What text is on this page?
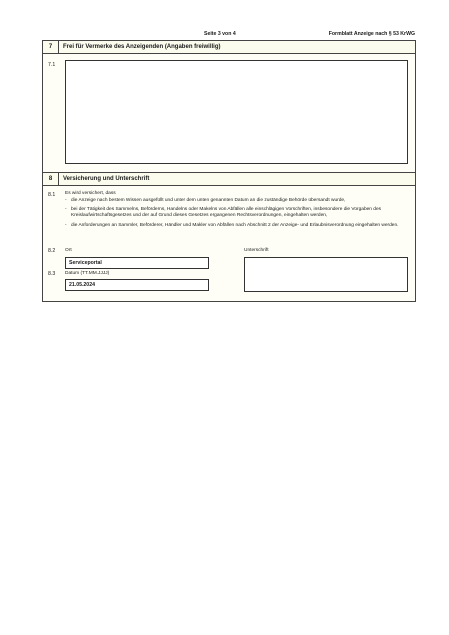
Seite 3 von 4	Formblatt Anzeige nach § 53 KrWG
7	Frei für Vermerke des Anzeigenden (Angaben freiwillig)
7.1
8	Versicherung und Unterschrift
8.1 Es wird versichert, dass
- die Anzeige nach bestem Wissen ausgefüllt und unter dem unten genannten Datum an die zuständige Behörde übersandt wurde,
- bei der Tätigkeit des Sammelns, Beförderns, Handelns oder Makelns von Abfällen alle einschlägigen Vorschriften, insbesondere die Vorgaben des Kreislaufwirtschaftsgesetzes und der auf Grund dieses Gesetzes ergangenen Rechtsverordnungen, eingehalten werden,
- die Anforderungen an Sammler, Beförderer, Händler und Makler von Abfällen nach Abschnitt 2 der Anzeige- und Erlaubnisverordnung eingehalten werden.
8.2 Ort	Unterschrift
Serviceportal
8.3 Datum (TT.MM.JJJJ)
21.05.2024
